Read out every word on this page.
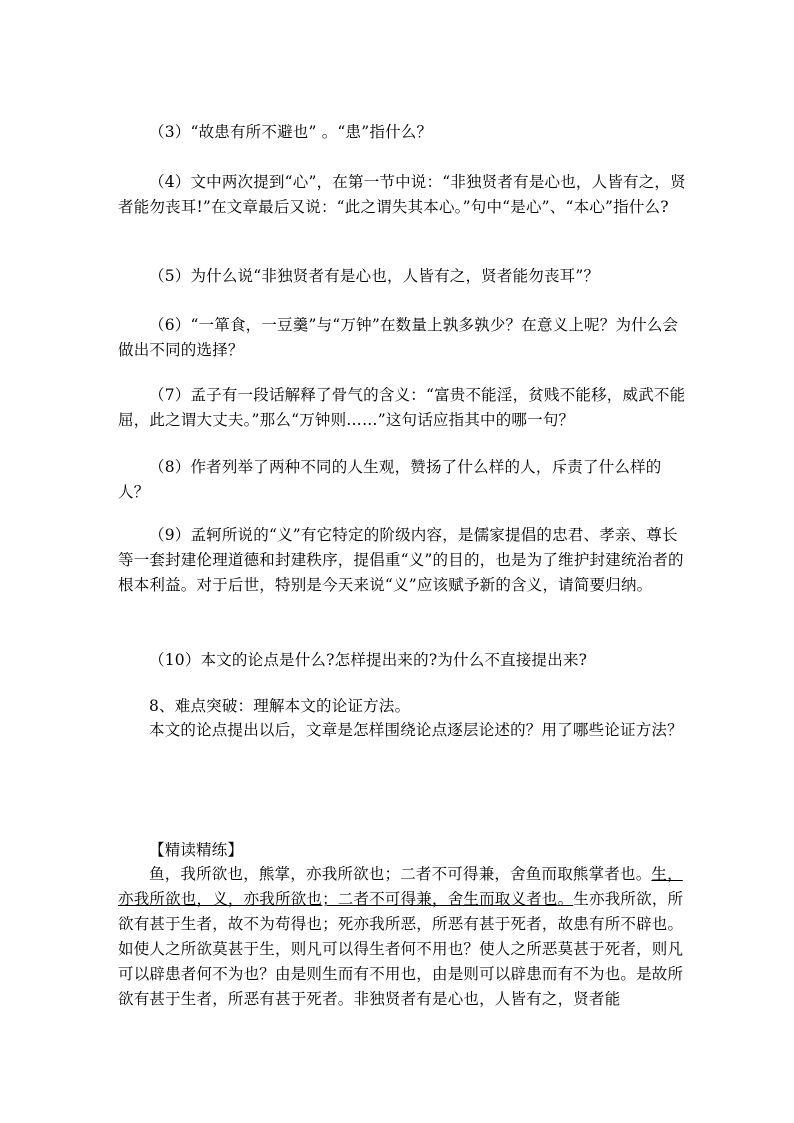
（3）“故患有所不避也” 。“患”指什么？

（4）文中两次提到“心”，在第一节中说：“非独贤者有是心也，人皆有之，贤者能勿丧耳!”在文章最后又说：“此之谓失其本心。”句中“是心”、“本心”指什么?

（5）为什么说“非独贤者有是心也，人皆有之，贤者能勿丧耳”？

（6）“一箪食，一豆羹”与“万钟”在数量上孰多孰少？在意义上呢？为什么会做出不同的选择？

（7）孟子有一段话解释了骨气的含义：“富贵不能淫，贫贱不能移，威武不能屈，此之谓大丈夫。”那么“万钟则……”这句话应指其中的哪一句？

（8）作者列举了两种不同的人生观，赞扬了什么样的人，斥责了什么样的人？

（9）孟轲所说的“义”有它特定的阶级内容，是儒家提倡的忠君、孝亲、尊长等一套封建伦理道德和封建秩序，提倡重“义”的目的，也是为了维护封建统治者的根本利益。对于后世，特别是今天来说“义”应该赋予新的含义，请简要归纳。

（10）本文的论点是什么?怎样提出来的?为什么不直接提出来?

8、难点突破：理解本文的论证方法。

本文的论点提出以后，文章是怎样围绕论点逐层论述的？用了哪些论证方法？

【精读精练】

鱼，我所欲也，熊掌，亦我所欲也；二者不可得兼，舍鱼而取熊掌者也。生，亦我所欲也，义，亦我所欲也；二者不可得兼，舍生而取义者也。生亦我所欲，所欲有甚于生者，故不为苟得也；死亦我所恶，所恶有甚于死者，故患有所不辟也。如使人之所欲莫甚于生，则凡可以得生者何不用也？使人之所恶莫甚于死者，则凡可以辟患者何不为也？由是则生而有不用也，由是则可以辟患而有不为也。是故所欲有甚于生者，所恶有甚于死者。非独贤者有是心也，人皆有之，贤者能
